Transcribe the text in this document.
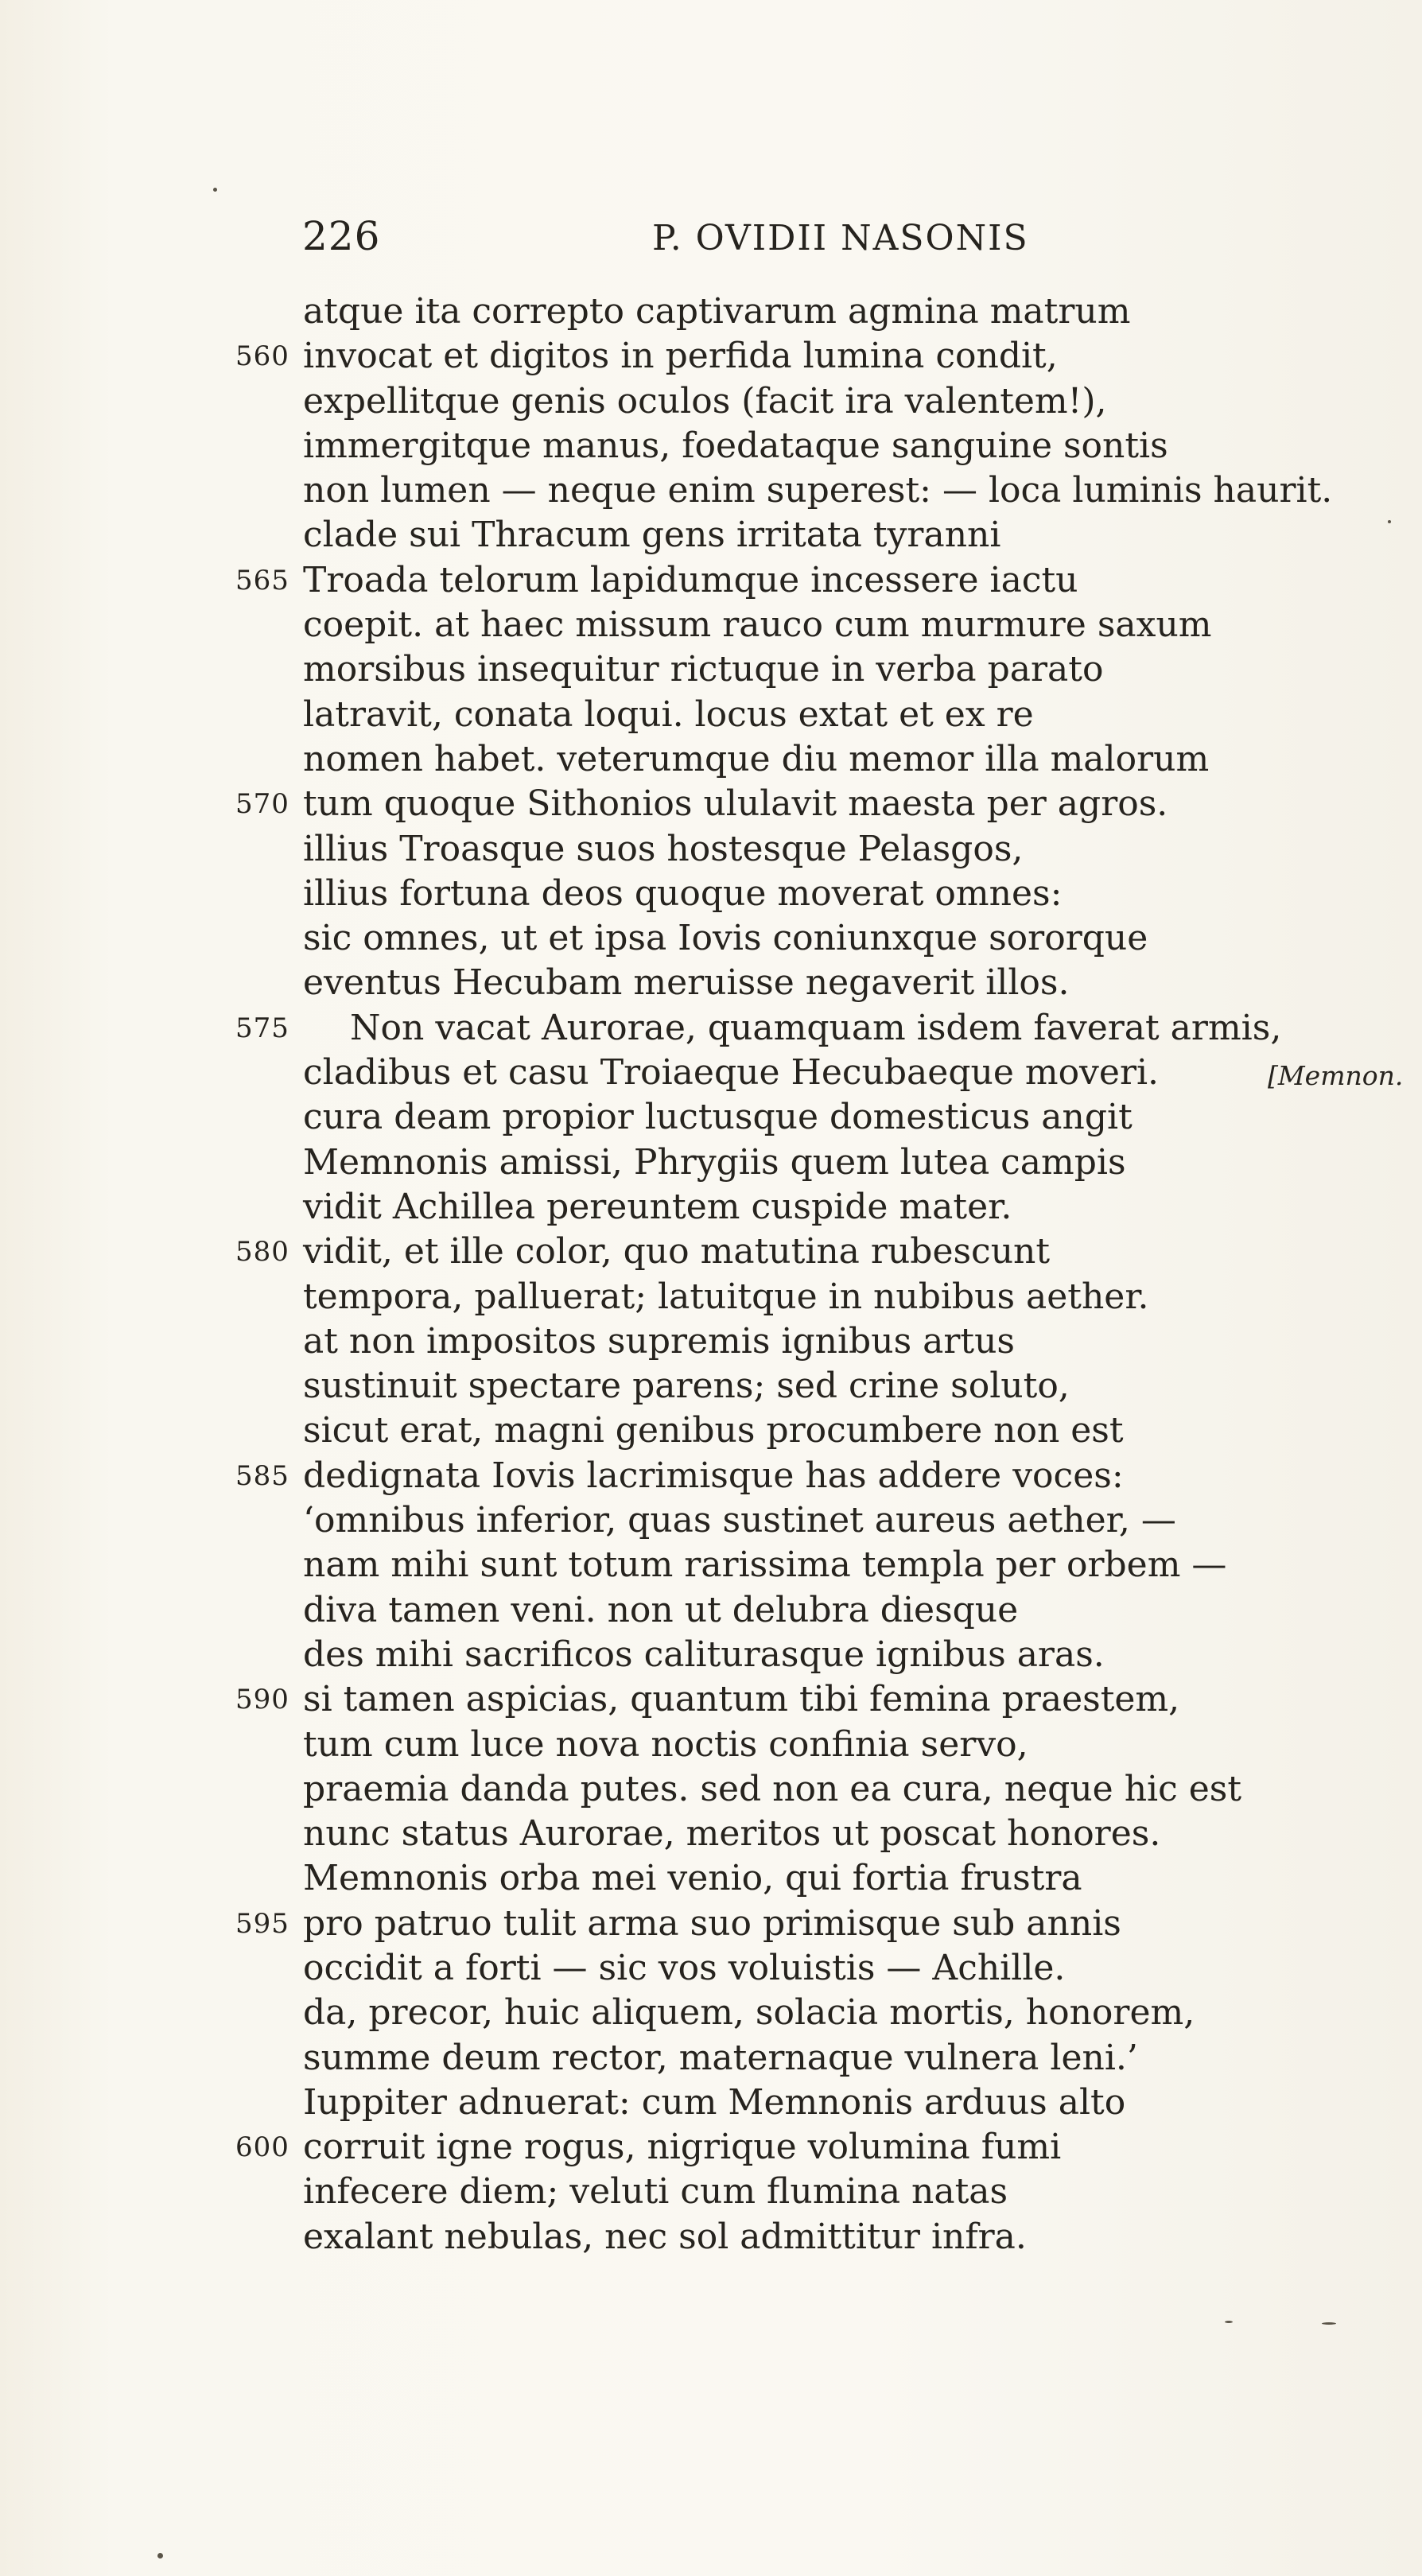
226	P. OVIDII NASONIS
atque ita correpto captivarum agmina matrum
560 invocat et digitos in perfida lumina condit,
expellitque genis oculos (facit ira valentem!),
immergitque manus, foedataque sanguine sontis
non lumen — neque enim superest: — loca luminis haurit.
clade sui Thracum gens irritata tyranni
565 Troada telorum lapidumque incessere iactu
coepit. at haec missum rauco cum murmure saxum
morsibus insequitur rictuque in verba parato
latravit, conata loqui. locus extat et ex re
nomen habet. veterumque diu memor illa malorum
570 tum quoque Sithonios ululavit maesta per agros.
illius Troasque suos hostesque Pelasgos,
illius fortuna deos quoque moverat omnes:
sic omnes, ut et ipsa Iovis coniunxque sororque
eventus Hecubam meruisse negaverit illos.
575 Non vacat Aurorae, quamquam isdem faverat armis,
cladibus et casu Troiaeque Hecubaeque moveri.	[Memnon.
cura deam propior luctusque domesticus angit
Memnonis amissi, Phrygiis quem lutea campis
vidit Achillea pereuntem cuspide mater.
580 vidit, et ille color, quo matutina rubescunt
tempora, palluerat; latuitque in nubibus aether.
at non impositos supremis ignibus artus
sustinuit spectare parens; sed crine soluto,
sicut erat, magni genibus procumbere non est
585 dedignata Iovis lacrimisque has addere voces:
‘omnibus inferior, quas sustinet aureus aether, —
nam mihi sunt totum rarissima templa per orbem —
diva tamen veni. non ut delubra diesque
des mihi sacrificos caliturasque ignibus aras.
590 si tamen aspicias, quantum tibi femina praestem,
tum cum luce nova noctis confinia servo,
praemia danda putes. sed non ea cura, neque hic est
nunc status Aurorae, meritos ut poscat honores.
Memnonis orba mei venio, qui fortia frustra
595 pro patruo tulit arma suo primisque sub annis
occidit a forti — sic vos voluistis — Achille.
da, precor, huic aliquem, solacia mortis, honorem,
summe deum rector, maternaque vulnera leni.’
Iuppiter adnuerat: cum Memnonis arduus alto
600 corruit igne rogus, nigrique volumina fumi
infecere diem; veluti cum flumina natas
exalant nebulas, nec sol admittitur infra.
